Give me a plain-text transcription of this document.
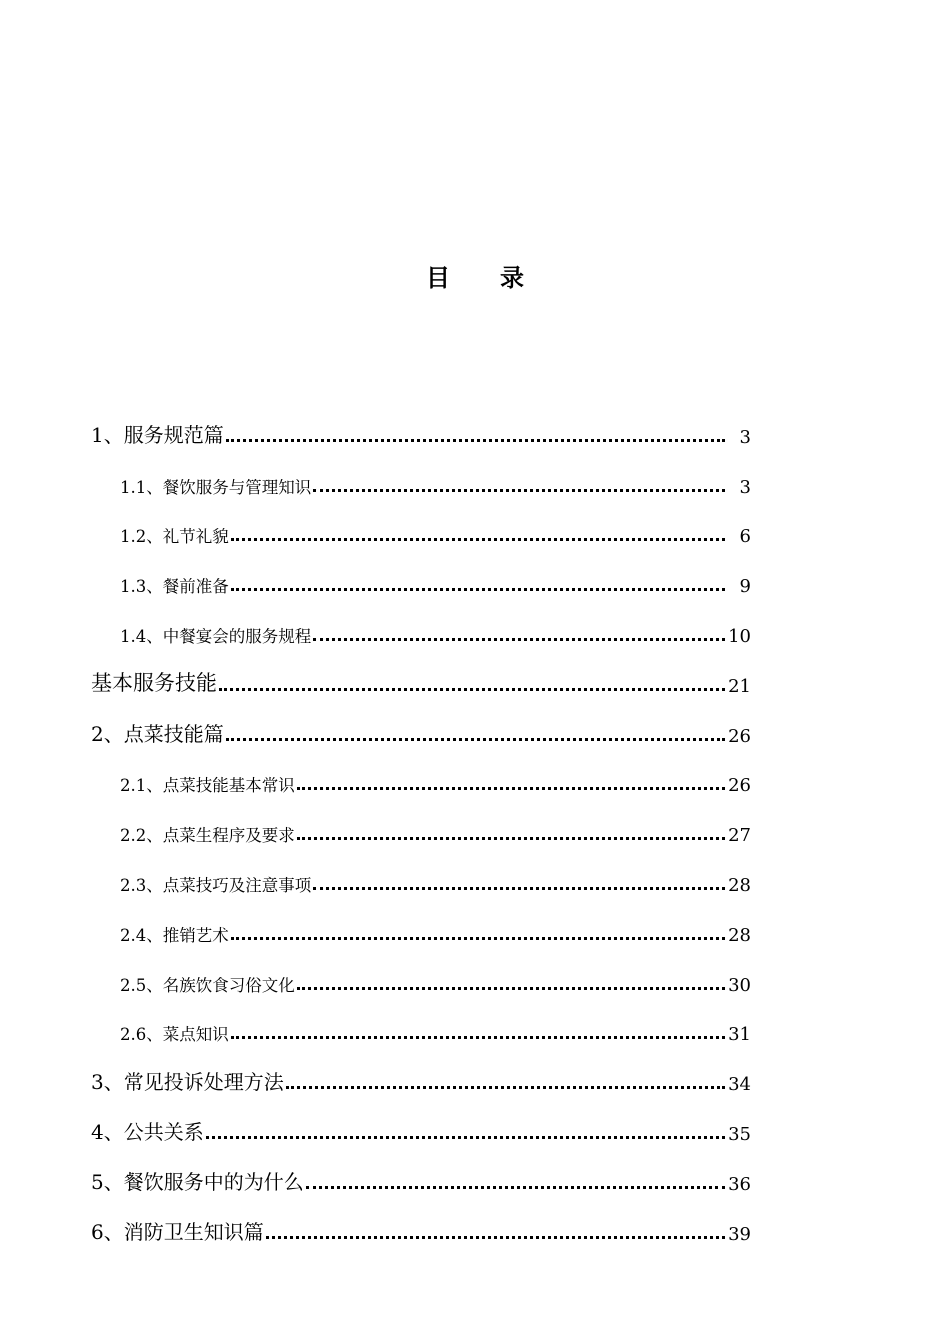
目 录
1、服务规范篇	3
1.1、餐饮服务与管理知识	3
1.2、礼节礼貌	6
1.3、餐前准备	9
1.4、中餐宴会的服务规程	10
基本服务技能	21
2、点菜技能篇	26
2.1、点菜技能基本常识	26
2.2、点菜生程序及要求	27
2.3、点菜技巧及注意事项	28
2.4、推销艺术	28
2.5、名族饮食习俗文化	30
2.6、菜点知识	31
3、常见投诉处理方法	34
4、公共关系	35
5、餐饮服务中的为什么	36
6、消防卫生知识篇	39
